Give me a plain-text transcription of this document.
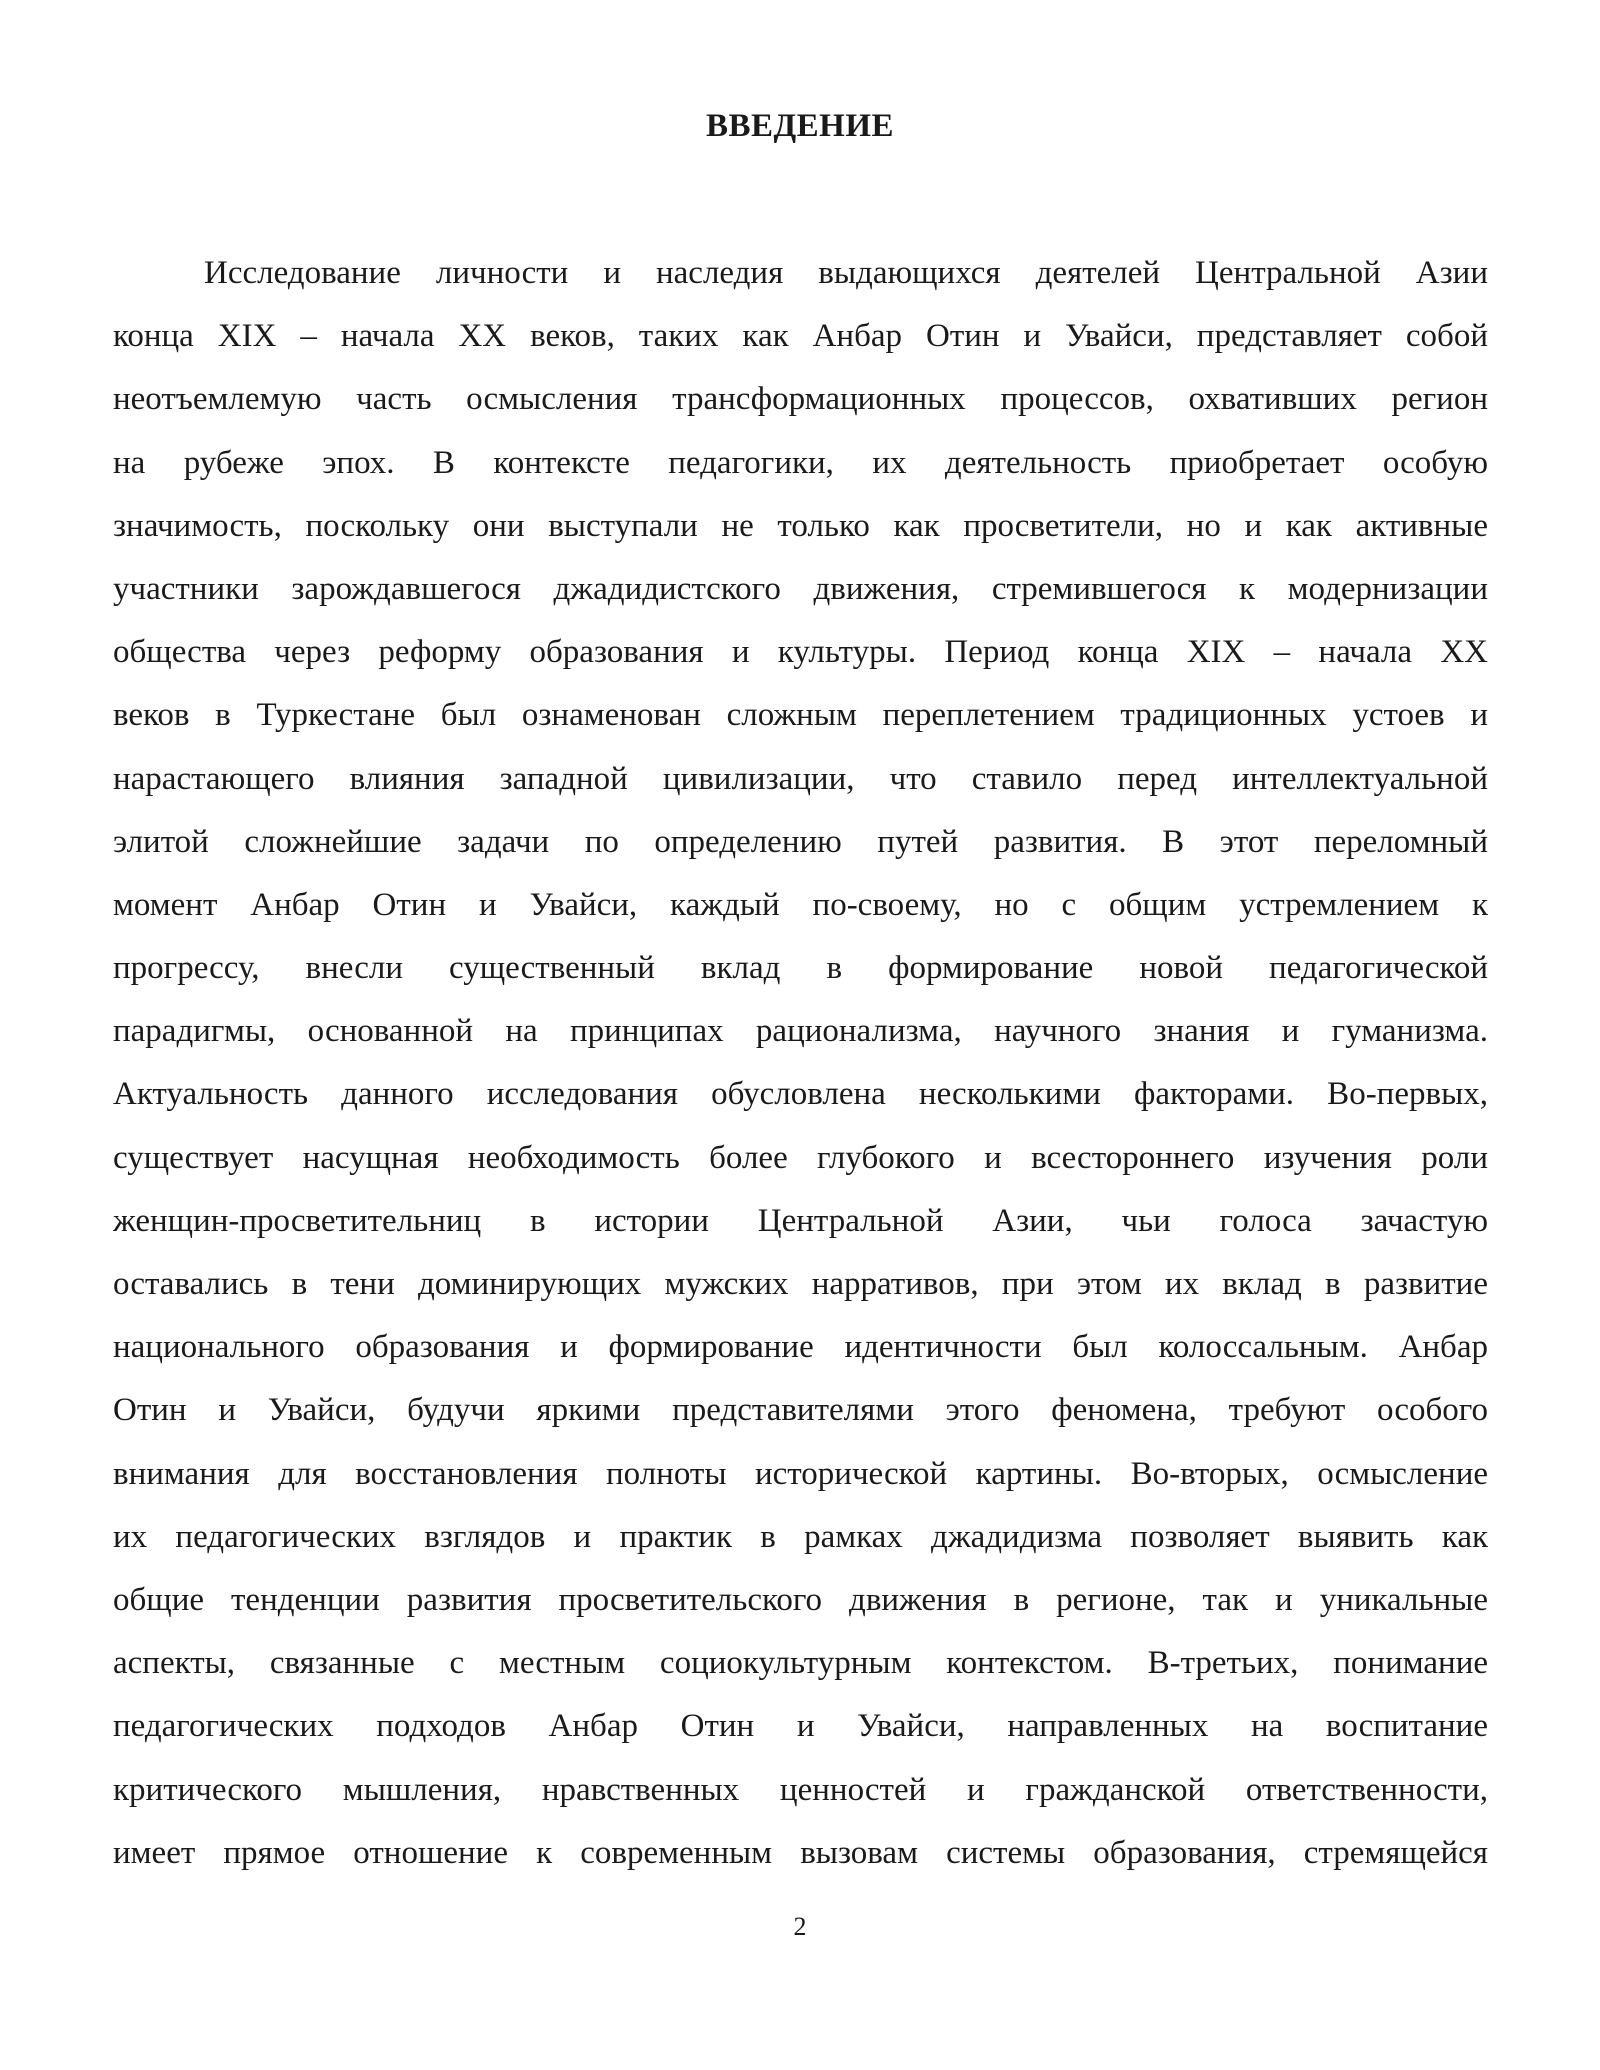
ВВЕДЕНИЕ
Исследование личности и наследия выдающихся деятелей Центральной Азии
конца XIX – начала XX веков, таких как Анбар Отин и Увайси, представляет собой
неотъемлемую часть осмысления трансформационных процессов, охвативших регион
на рубеже эпох. В контексте педагогики, их деятельность приобретает особую
значимость, поскольку они выступали не только как просветители, но и как активные
участники зарождавшегося джадидистского движения, стремившегося к модернизации
общества через реформу образования и культуры. Период конца XIX – начала XX
веков в Туркестане был ознаменован сложным переплетением традиционных устоев и
нарастающего влияния западной цивилизации, что ставило перед интеллектуальной
элитой сложнейшие задачи по определению путей развития. В этот переломный
момент Анбар Отин и Увайси, каждый по-своему, но с общим устремлением к
прогрессу, внесли существенный вклад в формирование новой педагогической
парадигмы, основанной на принципах рационализма, научного знания и гуманизма.
Актуальность данного исследования обусловлена несколькими факторами. Во-первых,
существует насущная необходимость более глубокого и всестороннего изучения роли
женщин-просветительниц в истории Центральной Азии, чьи голоса зачастую
оставались в тени доминирующих мужских нарративов, при этом их вклад в развитие
национального образования и формирование идентичности был колоссальным. Анбар
Отин и Увайси, будучи яркими представителями этого феномена, требуют особого
внимания для восстановления полноты исторической картины. Во-вторых, осмысление
их педагогических взглядов и практик в рамках джадидизма позволяет выявить как
общие тенденции развития просветительского движения в регионе, так и уникальные
аспекты, связанные с местным социокультурным контекстом. В-третьих, понимание
педагогических подходов Анбар Отин и Увайси, направленных на воспитание
критического мышления, нравственных ценностей и гражданской ответственности,
имеет прямое отношение к современным вызовам системы образования, стремящейся
2
